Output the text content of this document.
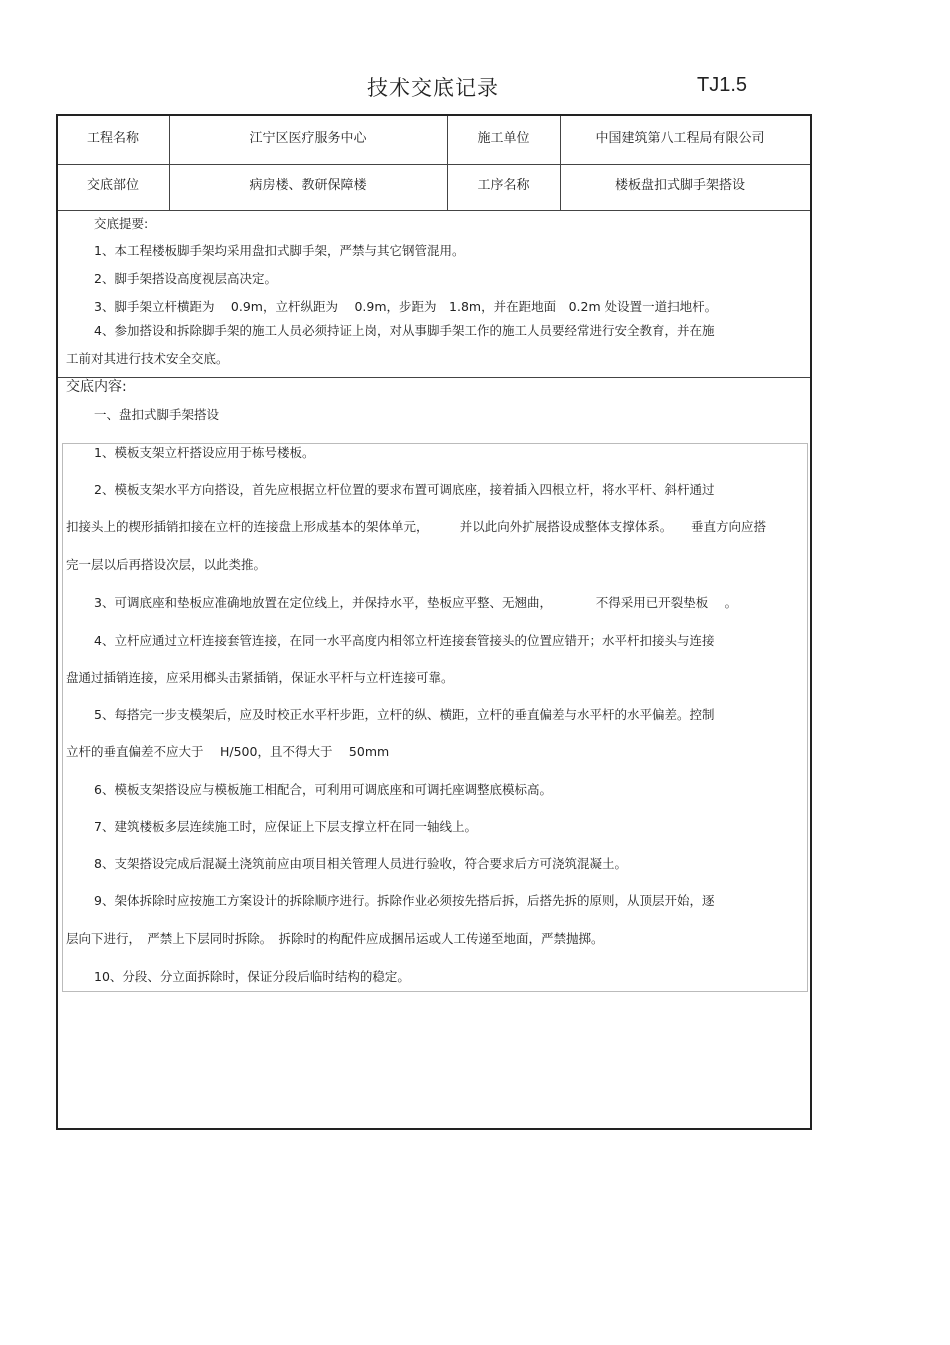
技术交底记录	TJ1.5
工程名称	江宁区医疗服务中心	施工单位	中国建筑第八工程局有限公司
交底部位	病房楼、教研保障楼	工序名称	楼板盘扣式脚手架搭设
交底提要:
1、本工程楼板脚手架均采用盘扣式脚手架，严禁与其它钢管混用。
2、脚手架搭设高度视层高决定。
3、脚手架立杆横距为　 0.9m，立杆纵距为　 0.9m，步距为　1.8m，并在距地面　0.2m 处设置一道扫地杆。
4、参加搭设和拆除脚手架的施工人员必须持证上岗，对从事脚手架工作的施工人员要经常进行安全教育，并在施
工前对其进行技术安全交底。
交底内容:
一、盘扣式脚手架搭设
1、模板支架立杆搭设应用于栋号楼板。
2、模板支架水平方向搭设，首先应根据立杆位置的要求布置可调底座，接着插入四根立杆，将水平杆、斜杆通过
扣接头上的楔形插销扣接在立杆的连接盘上形成基本的架体单元，　　　并以此向外扩展搭设成整体支撑体系。　　垂直方向应搭
完一层以后再搭设次层，以此类推。
3、可调底座和垫板应准确地放置在定位线上，并保持水平，垫板应平整、无翘曲，　　　　不得采用已开裂垫板　 。
4、立杆应通过立杆连接套管连接，在同一水平高度内相邻立杆连接套管接头的位置应错开；水平杆扣接头与连接
盘通过插销连接，应采用榔头击紧插销，保证水平杆与立杆连接可靠。
5、每搭完一步支模架后，应及时校正水平杆步距，立杆的纵、横距，立杆的垂直偏差与水平杆的水平偏差。控制
立杆的垂直偏差不应大于　 H/500，且不得大于　 50mm
6、模板支架搭设应与模板施工相配合，可利用可调底座和可调托座调整底模标高。
7、建筑楼板多层连续施工时，应保证上下层支撑立杆在同一轴线上。
8、支架搭设完成后混凝土浇筑前应由项目相关管理人员进行验收，符合要求后方可浇筑混凝土。
9、架体拆除时应按施工方案设计的拆除顺序进行。拆除作业必须按先搭后拆，后搭先拆的原则，从顶层开始，逐
层向下进行，　严禁上下层同时拆除。　拆除时的构配件应成捆吊运或人工传递至地面，严禁抛掷。
10、分段、分立面拆除时，保证分段后临时结构的稳定。
